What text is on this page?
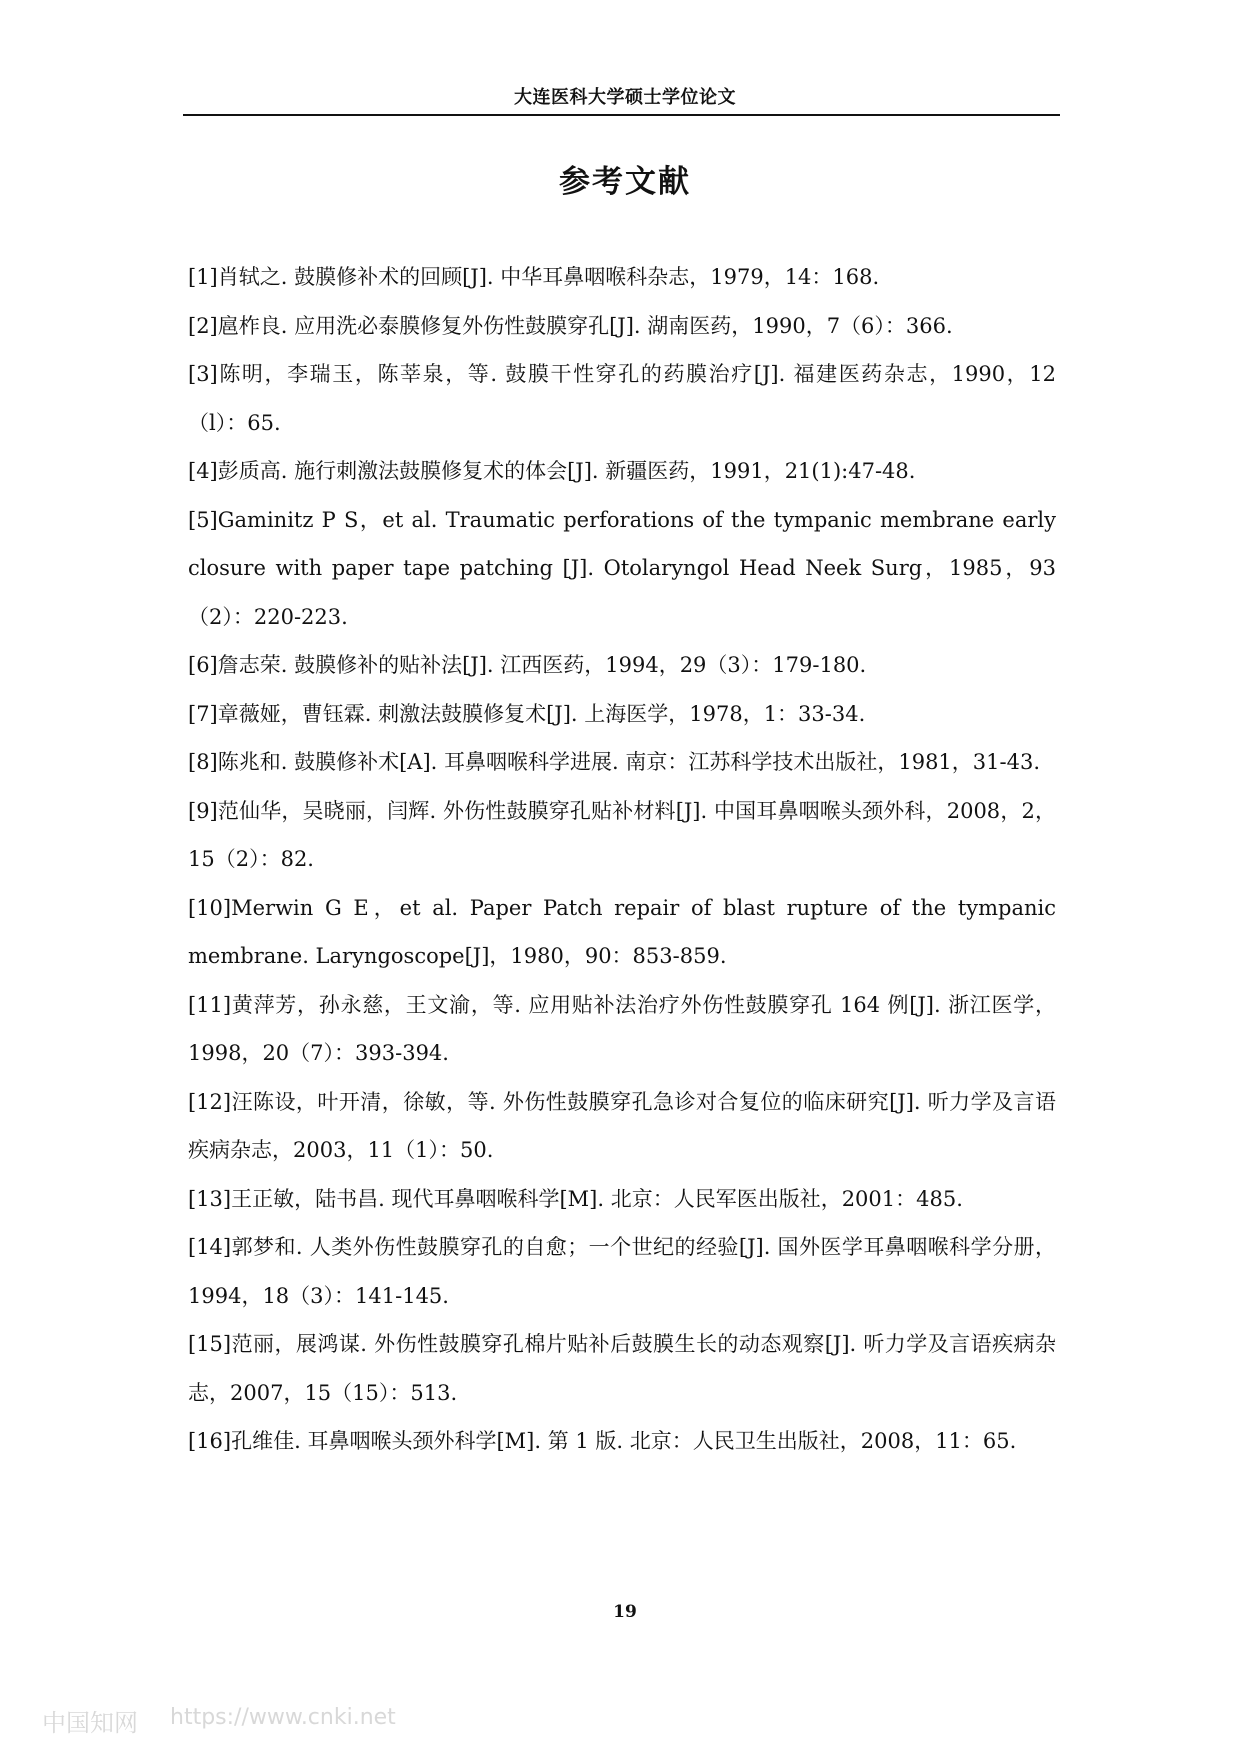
大连医科大学硕士学位论文
参考文献
[1]肖轼之. 鼓膜修补术的回顾[J]. 中华耳鼻咽喉科杂志，1979，14：168.
[2]扈柞良. 应用洗必泰膜修复外伤性鼓膜穿孔[J]. 湖南医药，1990，7（6）：366.
[3]陈明，李瑞玉，陈莘泉，等. 鼓膜干性穿孔的药膜治疗[J]. 福建医药杂志，1990，12（l）：65.
[4]彭质高. 施行刺激法鼓膜修复术的体会[J]. 新疆医药，1991，21(1):47-48.
[5]Gaminitz P S，et al. Traumatic perforations of the tympanic membrane early closure with paper tape patching [J]. Otolaryngol Head Neek Surg，1985，93（2）：220-223.
[6]詹志荣. 鼓膜修补的贴补法[J]. 江西医药，1994，29（3）：179-180.
[7]章薇娅，曹钰霖. 刺激法鼓膜修复术[J]. 上海医学，1978，1：33-34.
[8]陈兆和. 鼓膜修补术[A]. 耳鼻咽喉科学进展. 南京：江苏科学技术出版社，1981，31-43.
[9]范仙华，吴晓丽，闫辉. 外伤性鼓膜穿孔贴补材料[J]. 中国耳鼻咽喉头颈外科，2008，2，15（2）：82.
[10]Merwin G E，et al. Paper Patch repair of blast rupture of the tympanic membrane. Laryngoscope[J]，1980，90：853-859.
[11]黄萍芳，孙永慈，王文渝，等. 应用贴补法治疗外伤性鼓膜穿孔 164 例[J]. 浙江医学，1998，20（7）：393-394.
[12]汪陈设，叶开清，徐敏，等. 外伤性鼓膜穿孔急诊对合复位的临床研究[J]. 听力学及言语疾病杂志，2003，11（1）：50.
[13]王正敏，陆书昌. 现代耳鼻咽喉科学[M]. 北京：人民军医出版社，2001：485.
[14]郭梦和. 人类外伤性鼓膜穿孔的自愈；一个世纪的经验[J]. 国外医学耳鼻咽喉科学分册，1994，18（3）：141-145.
[15]范丽，展鸿谋. 外伤性鼓膜穿孔棉片贴补后鼓膜生长的动态观察[J]. 听力学及言语疾病杂志，2007，15（15）：513.
[16]孔维佳. 耳鼻咽喉头颈外科学[M]. 第 1 版. 北京：人民卫生出版社，2008，11：65.
19
中国知网 https://www.cnki.net
